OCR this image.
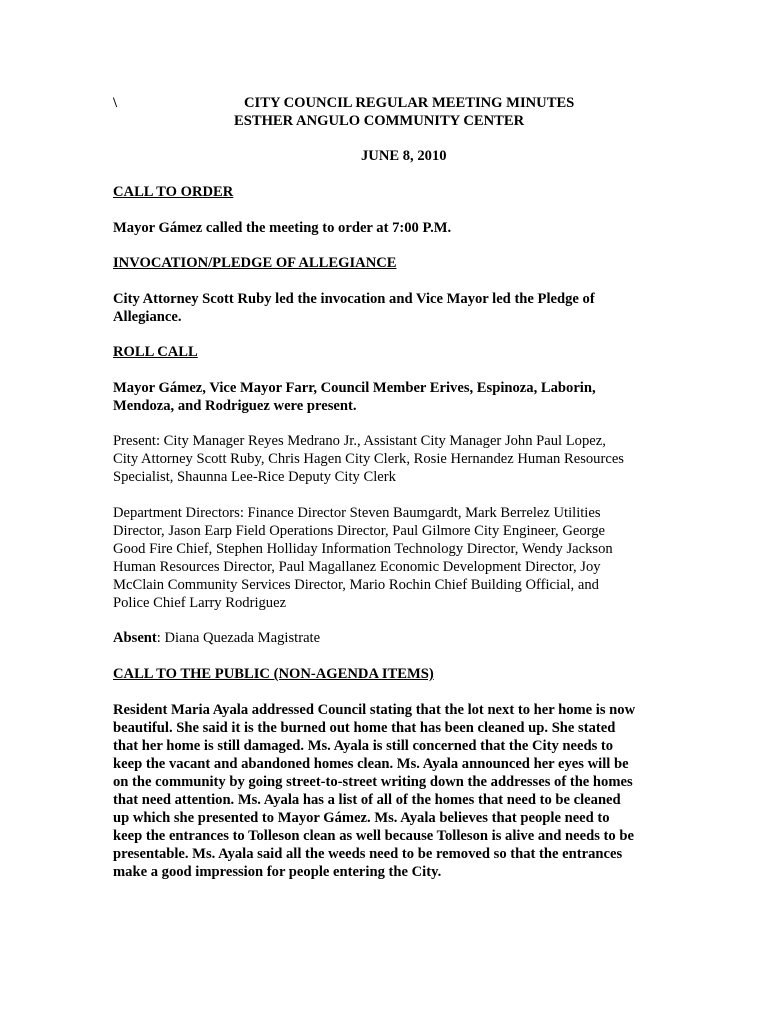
\	CITY COUNCIL REGULAR MEETING MINUTES
ESTHER ANGULO COMMUNITY CENTER
JUNE 8, 2010
CALL TO ORDER
Mayor Gámez called the meeting to order at 7:00 P.M.
INVOCATION/PLEDGE OF ALLEGIANCE
City Attorney Scott Ruby led the invocation and Vice Mayor led the Pledge of
Allegiance.
ROLL CALL
Mayor Gámez, Vice Mayor Farr, Council Member Erives, Espinoza, Laborin,
Mendoza, and Rodriguez were present.
Present: City Manager Reyes Medrano Jr., Assistant City Manager John Paul Lopez,
City Attorney Scott Ruby, Chris Hagen City Clerk, Rosie Hernandez Human Resources
Specialist, Shaunna Lee-Rice Deputy City Clerk
Department Directors: Finance Director Steven Baumgardt, Mark Berrelez Utilities
Director, Jason Earp Field Operations Director, Paul Gilmore City Engineer, George
Good Fire Chief, Stephen Holliday Information Technology Director, Wendy Jackson
Human Resources Director, Paul Magallanez Economic Development Director, Joy
McClain Community Services Director, Mario Rochin Chief Building Official, and
Police Chief Larry Rodriguez
Absent: Diana Quezada Magistrate
CALL TO THE PUBLIC (NON-AGENDA ITEMS)
Resident Maria Ayala addressed Council stating that the lot next to her home is now
beautiful. She said it is the burned out home that has been cleaned up. She stated
that her home is still damaged. Ms. Ayala is still concerned that the City needs to
keep the vacant and abandoned homes clean. Ms. Ayala announced her eyes will be
on the community by going street-to-street writing down the addresses of the homes
that need attention. Ms. Ayala has a list of all of the homes that need to be cleaned
up which she presented to Mayor Gámez. Ms. Ayala believes that people need to
keep the entrances to Tolleson clean as well because Tolleson is alive and needs to be
presentable. Ms. Ayala said all the weeds need to be removed so that the entrances
make a good impression for people entering the City.
